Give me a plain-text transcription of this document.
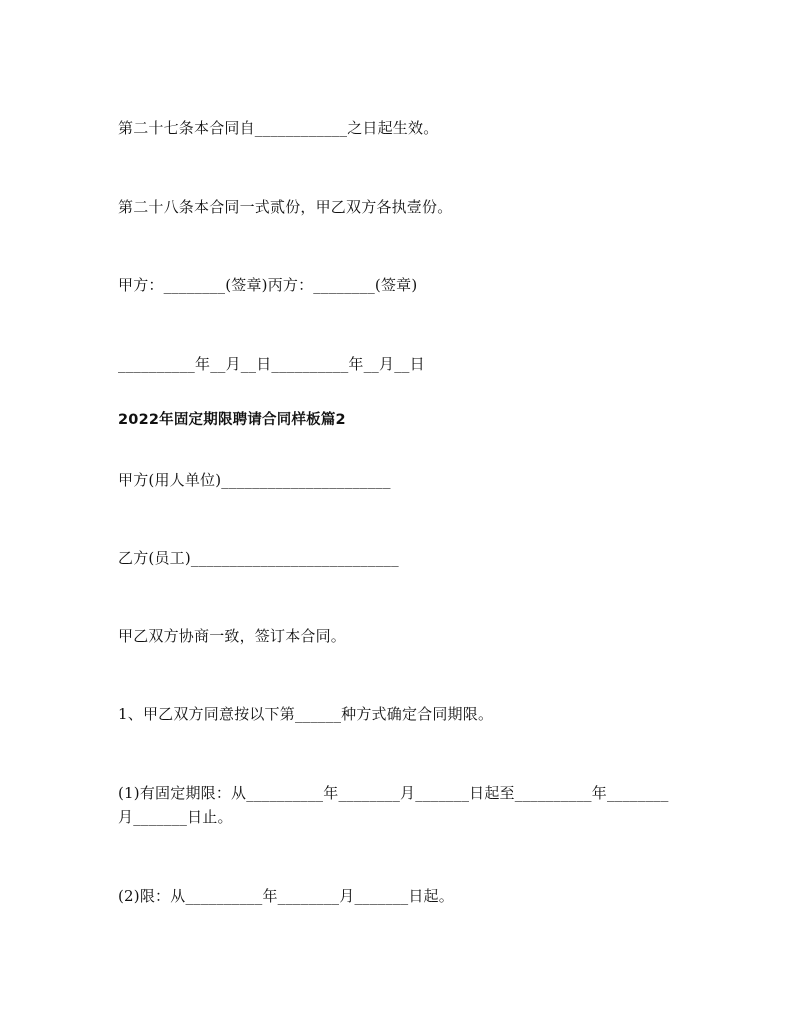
第二十七条本合同自____________之日起生效。
第二十八条本合同一式贰份，甲乙双方各执壹份。
甲方：________(签章)丙方：________(签章)
__________年__月__日__________年__月__日
2022年固定期限聘请合同样板篇2
甲方(用人单位)______________________
乙方(员工)___________________________
甲乙双方协商一致，签订本合同。
1、甲乙双方同意按以下第______种方式确定合同期限。
(1)有固定期限：从__________年________月_______日起至__________年________
月_______日止。
(2)限：从__________年________月_______日起。
